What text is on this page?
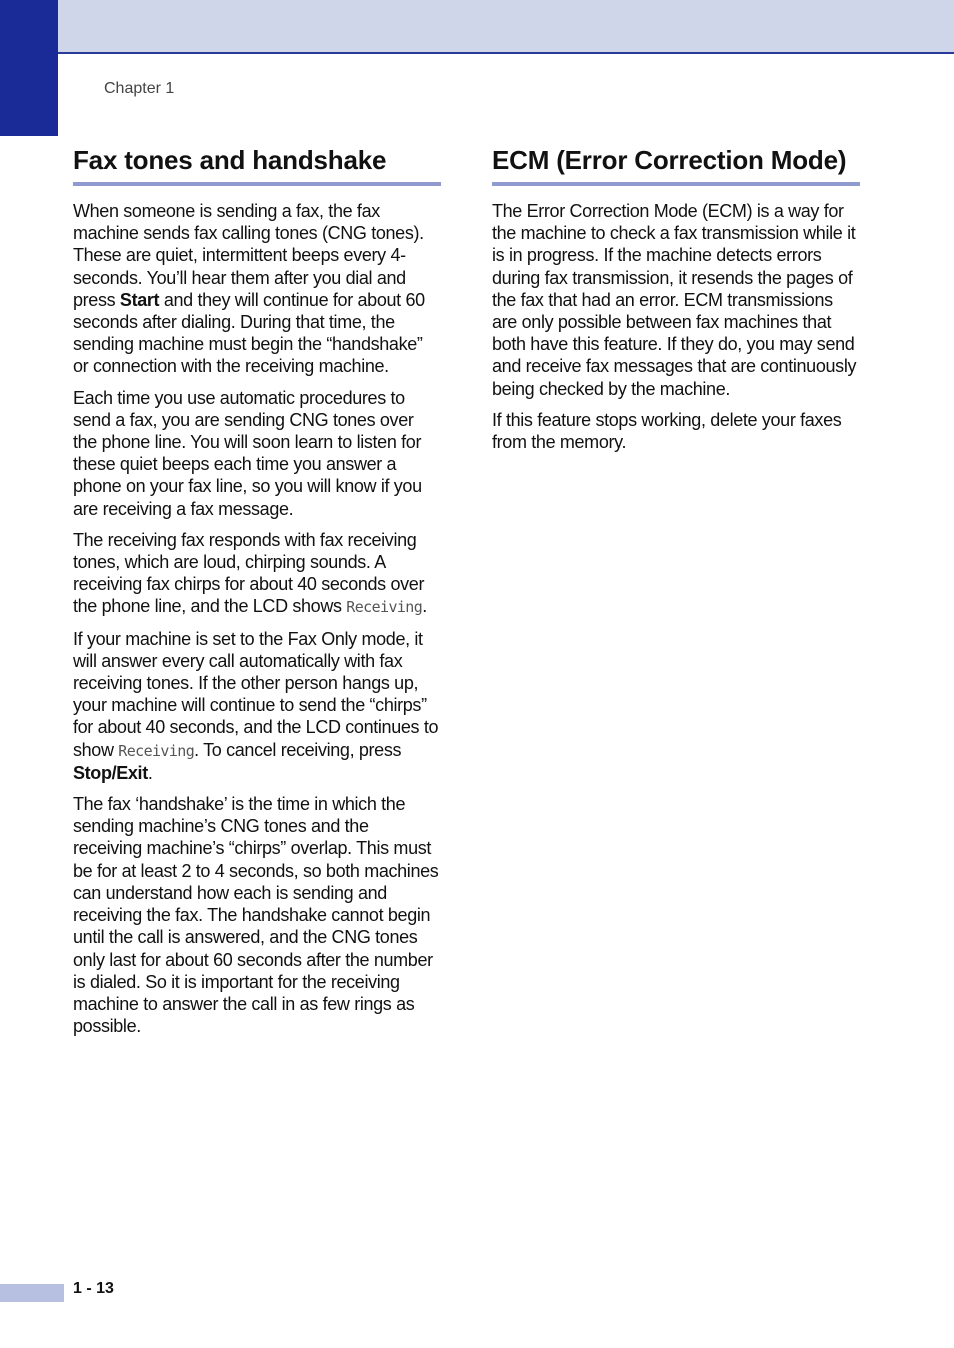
Chapter 1
Fax tones and handshake

When someone is sending a fax, the fax machine sends fax calling tones (CNG tones). These are quiet, intermittent beeps every 4-seconds. You’ll hear them after you dial and press Start and they will continue for about 60 seconds after dialing. During that time, the sending machine must begin the “handshake” or connection with the receiving machine.

Each time you use automatic procedures to send a fax, you are sending CNG tones over the phone line. You will soon learn to listen for these quiet beeps each time you answer a phone on your fax line, so you will know if you are receiving a fax message.

The receiving fax responds with fax receiving tones, which are loud, chirping sounds. A receiving fax chirps for about 40 seconds over the phone line, and the LCD shows Receiving.

If your machine is set to the Fax Only mode, it will answer every call automatically with fax receiving tones. If the other person hangs up, your machine will continue to send the “chirps” for about 40 seconds, and the LCD continues to show Receiving. To cancel receiving, press Stop/Exit.

The fax ‘handshake’ is the time in which the sending machine’s CNG tones and the receiving machine’s “chirps” overlap. This must be for at least 2 to 4 seconds, so both machines can understand how each is sending and receiving the fax. The handshake cannot begin until the call is answered, and the CNG tones only last for about 60 seconds after the number is dialed. So it is important for the receiving machine to answer the call in as few rings as possible.

ECM (Error Correction Mode)

The Error Correction Mode (ECM) is a way for the machine to check a fax transmission while it is in progress. If the machine detects errors during fax transmission, it resends the pages of the fax that had an error. ECM transmissions are only possible between fax machines that both have this feature. If they do, you may send and receive fax messages that are continuously being checked by the machine.

If this feature stops working, delete your faxes from the memory.

1 - 13
